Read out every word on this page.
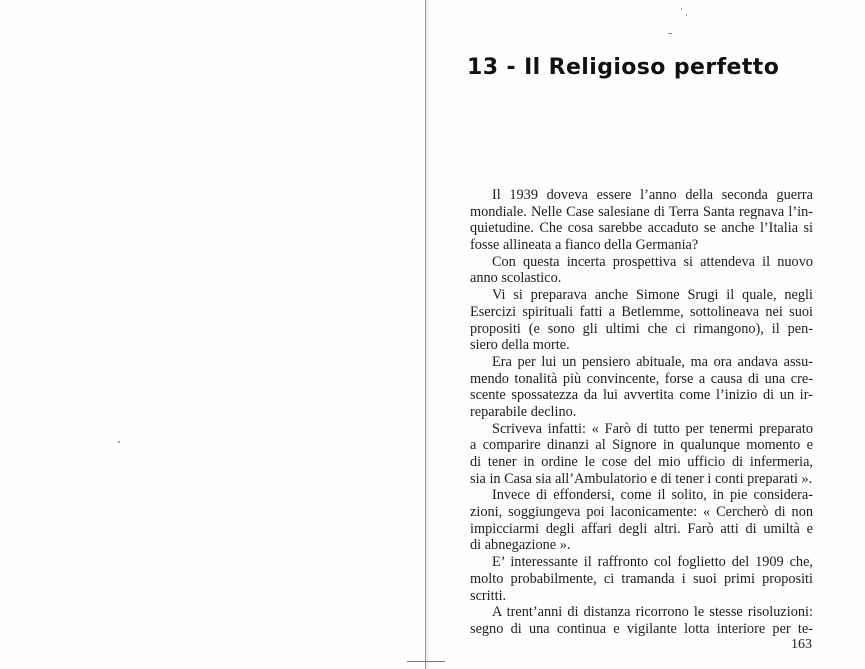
13 - Il Religioso perfetto
Il 1939 doveva essere l’anno della seconda guerra
mondiale. Nelle Case salesiane di Terra Santa regnava l’in-
quietudine. Che cosa sarebbe accaduto se anche l’Italia si
fosse allineata a fianco della Germania?
Con questa incerta prospettiva si attendeva il nuovo
anno scolastico.
Vi si preparava anche Simone Srugi il quale, negli
Esercizi spirituali fatti a Betlemme, sottolineava nei suoi
propositi (e sono gli ultimi che ci rimangono), il pen-
siero della morte.
Era per lui un pensiero abituale, ma ora andava assu-
mendo tonalità più convincente, forse a causa di una cre-
scente spossatezza da lui avvertita come l’inizio di un ir-
reparabile declino.
Scriveva infatti: « Farò di tutto per tenermi preparato
a comparire dinanzi al Signore in qualunque momento e
di tener in ordine le cose del mio ufficio di infermeria,
sia in Casa sia all’Ambulatorio e di tener i conti preparati ».
Invece di effondersi, come il solito, in pie considera-
zioni, soggiungeva poi laconicamente: « Cercherò di non
impicciarmi degli affari degli altri. Farò atti di umiltà e
di abnegazione ».
E’ interessante il raffronto col foglietto del 1909 che,
molto probabilmente, ci tramanda i suoi primi propositi
scritti.
A trent’anni di distanza ricorrono le stesse risoluzioni:
segno di una continua e vigilante lotta interiore per te-
163
